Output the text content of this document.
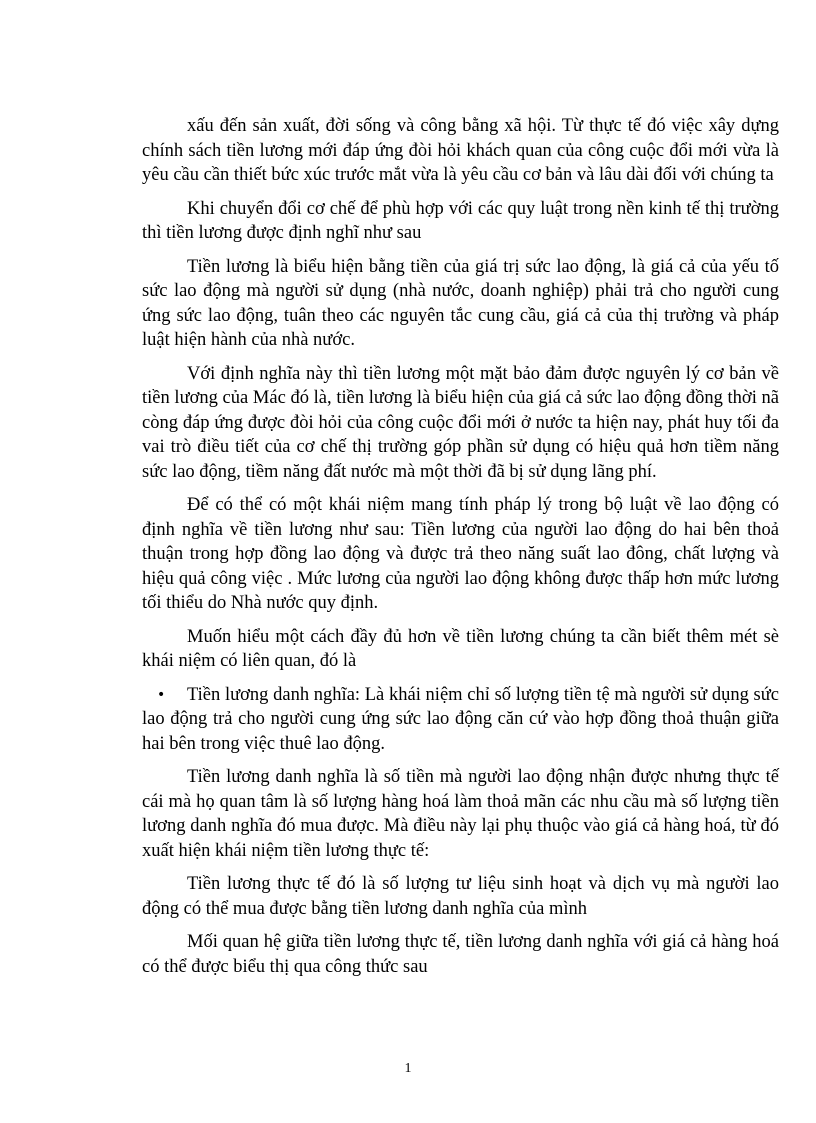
xấu đến sản xuất, đời sống và công bằng xã hội. Từ thực tế đó việc xây dựng chính sách tiền lương mới đáp ứng đòi hỏi khách quan của công cuộc đổi mới vừa là yêu cầu cần thiết bức xúc trước mắt vừa là yêu cầu cơ bản và lâu dài đối với chúng ta

Khi chuyển đổi cơ chế để phù hợp với các quy luật trong nền kinh tế thị trường thì tiền lương được định nghĩ như sau

Tiền lương là biểu hiện bằng tiền của giá trị sức lao động, là giá cả của yếu tố sức lao động mà người sử dụng (nhà nước, doanh nghiệp) phải trả cho người cung ứng sức lao động, tuân theo các nguyên tắc cung cầu, giá cả của thị trường và pháp luật hiện hành của nhà nước.

Với định nghĩa này thì tiền lương một mặt bảo đảm được nguyên lý cơ bản về tiền lương của Mác đó là, tiền lương là biểu hiện của giá cả sức lao động đồng thời nã còng đáp ứng được đòi hỏi của công cuộc đổi mới ở nước ta hiện nay, phát huy tối đa vai trò điều tiết của cơ chế thị trường góp phần sử dụng có hiệu quả hơn tiềm năng sức lao động, tiềm năng đất nước mà một thời đã bị sử dụng lãng phí.

Để có thể có một khái niệm mang tính pháp lý trong bộ luật về lao động có định nghĩa về tiền lương như sau: Tiền lương của người lao động do hai bên thoả thuận trong hợp đồng lao động và được trả theo năng suất lao đông, chất lượng và hiệu quả công việc . Mức lương của người lao động không được thấp hơn mức lương tối thiểu do Nhà nước quy định.

Muốn hiểu một cách đầy đủ hơn về tiền lương chúng ta cần biết thêm mét sè khái niệm có liên quan, đó là

• Tiền lương danh nghĩa: Là khái niệm chỉ số lượng tiền tệ mà người sử dụng sức lao động trả cho người cung ứng sức lao động căn cứ vào hợp đồng thoả thuận giữa hai bên trong việc thuê lao động.

Tiền lương danh nghĩa là số tiền mà người lao động nhận được nhưng thực tế cái mà họ quan tâm là số lượng hàng hoá làm thoả mãn các nhu cầu mà số lượng tiền lương danh nghĩa đó mua được. Mà điều này lại phụ thuộc vào giá cả hàng hoá, từ đó xuất hiện khái niệm tiền lương thực tế:

Tiền lương thực tế đó là số lượng tư liệu sinh hoạt và dịch vụ mà người lao động có thể mua được bằng tiền lương danh nghĩa của mình

Mối quan hệ giữa tiền lương thực tế, tiền lương danh nghĩa với giá cả hàng hoá có thể được biểu thị qua công thức sau

1
